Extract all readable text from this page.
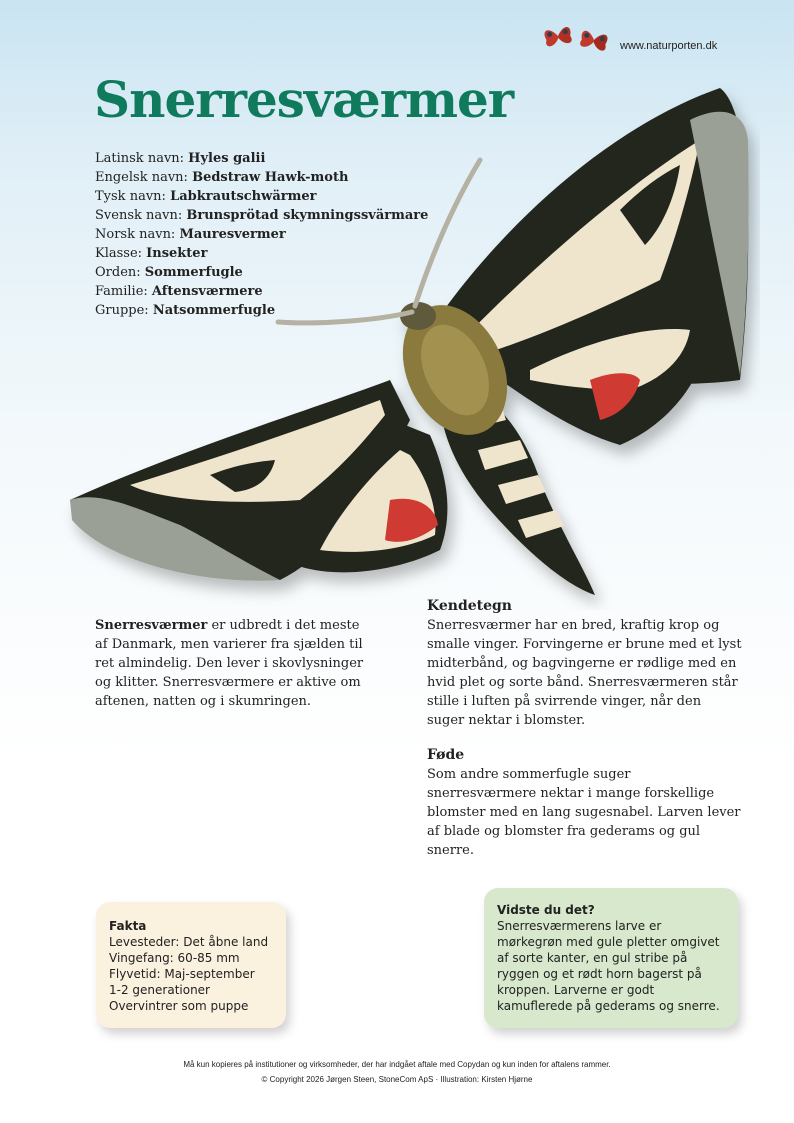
www.naturporten.dk
Snerresværmer
Latinsk navn: Hyles galii
Engelsk navn: Bedstraw Hawk-moth
Tysk navn: Labkrautschwärmer
Svensk navn: Brunsprötad skymningssvärmare
Norsk navn: Mauresvermer
Klasse: Insekter
Orden: Sommerfugle
Familie: Aftensværmere
Gruppe: Natsommerfugle
Snerresværmer er udbredt i det meste af Danmark, men varierer fra sjælden til ret almindelig. Den lever i skovlysninger og klitter. Snerresværmere er aktive om aftenen, natten og i skumringen.
Kendetegn

Snerresværmer har en bred, kraftig krop og smalle vinger. Forvingerne er brune med et lyst midterbånd, og bagvingerne er rødlige med en hvid plet og sorte bånd. Snerresværmeren står stille i luften på svirrende vinger, når den suger nektar i blomster.

Føde

Som andre sommerfugle suger snerresværmere nektar i mange forskellige blomster med en lang sugesnabel. Larven lever af blade og blomster fra gederams og gul snerre.

Fakta
Levesteder: Det åbne land
Vingefang: 60-85 mm
Flyvetid: Maj-september
1-2 generationer
Overvintrer som puppe
Vidste du det?

Snerresværmerens larve er mørkegrøn med gule pletter omgivet af sorte kanter, en gul stribe på ryggen og et rødt horn bagerst på kroppen. Larverne er godt kamuflerede på gederams og snerre.

Må kun kopieres på institutioner og virksomheder, der har indgået aftale med Copydan og kun inden for aftalens rammer.
© Copyright 2026 Jørgen Steen, StoneCom ApS · Illustration: Kirsten Hjørne
